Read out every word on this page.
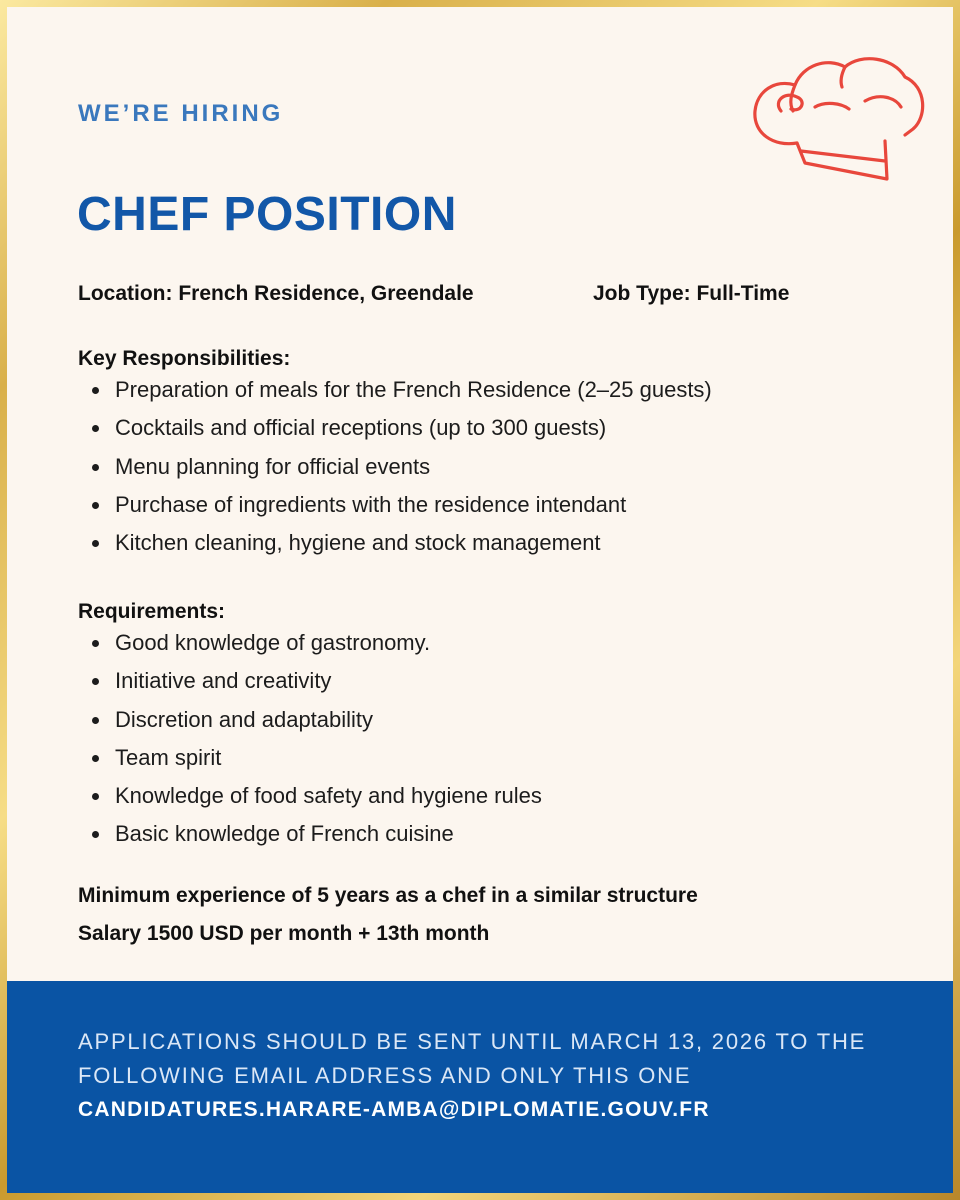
WE’RE HIRING
CHEF POSITION
Location: French Residence, Greendale	Job Type: Full-Time
Key Responsibilities:
Preparation of meals for the French Residence (2–25 guests)
Cocktails and official receptions (up to 300 guests)
Menu planning for official events
Purchase of ingredients with the residence intendant
Kitchen cleaning, hygiene and stock management
Requirements:
Good knowledge of gastronomy.
Initiative and creativity
Discretion and adaptability
Team spirit
Knowledge of food safety and hygiene rules
Basic knowledge of French cuisine
Minimum experience of 5 years as a chef in a similar structure
Salary 1500 USD per month + 13th month
APPLICATIONS SHOULD BE SENT UNTIL MARCH 13, 2026 TO THE
FOLLOWING EMAIL ADDRESS AND ONLY THIS ONE
CANDIDATURES.HARARE-AMBA@DIPLOMATIE.GOUV.FR
